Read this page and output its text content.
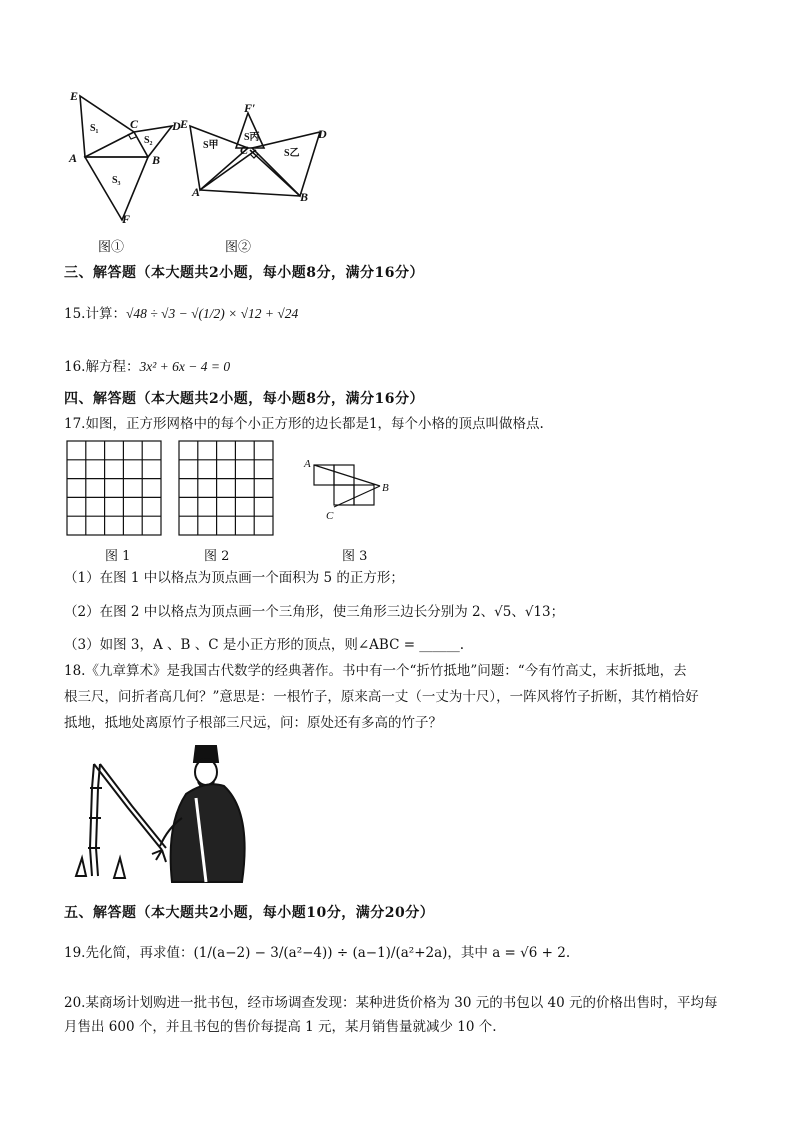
E
C	D
A	B
F
E
F′
D
A	B
C
S₁
S₂
S₃
S甲
S丙
S乙
图①	图②
三、解答题（本大题共2小题，每小题8分，满分16分）
15.计算：√48 ÷ √3 − √(1/2) × √12 + √24
16.解方程：3x² + 6x − 4 = 0
四、解答题（本大题共2小题，每小题8分，满分16分）
17.如图，正方形网格中的每个小正方形的边长都是1，每个小格的顶点叫做格点.
A
B
C
图 1	图 2	图 3
（1）在图 1 中以格点为顶点画一个面积为 5 的正方形；
（2）在图 2 中以格点为顶点画一个三角形，使三角形三边长分别为 2、√5、√13；
（3）如图 3，A 、B 、C 是小正方形的顶点，则∠ABC = ______.
18.《九章算术》是我国古代数学的经典著作。书中有一个“折竹抵地”问题：“今有竹高丈，末折抵地，去
根三尺，问折者高几何？”意思是：一根竹子，原来高一丈（一丈为十尺），一阵风将竹子折断，其竹梢恰好
抵地，抵地处离原竹子根部三尺远，问：原处还有多高的竹子？
五、解答题（本大题共2小题，每小题10分，满分20分）
19.先化简，再求值：(1/(a−2) − 3/(a²−4)) ÷ (a−1)/(a²+2a)，其中 a = √6 + 2.
20.某商场计划购进一批书包，经市场调查发现：某种进货价格为 30 元的书包以 40 元的价格出售时，平均每
月售出 600 个，并且书包的售价每提高 1 元，某月销售量就减少 10 个.
